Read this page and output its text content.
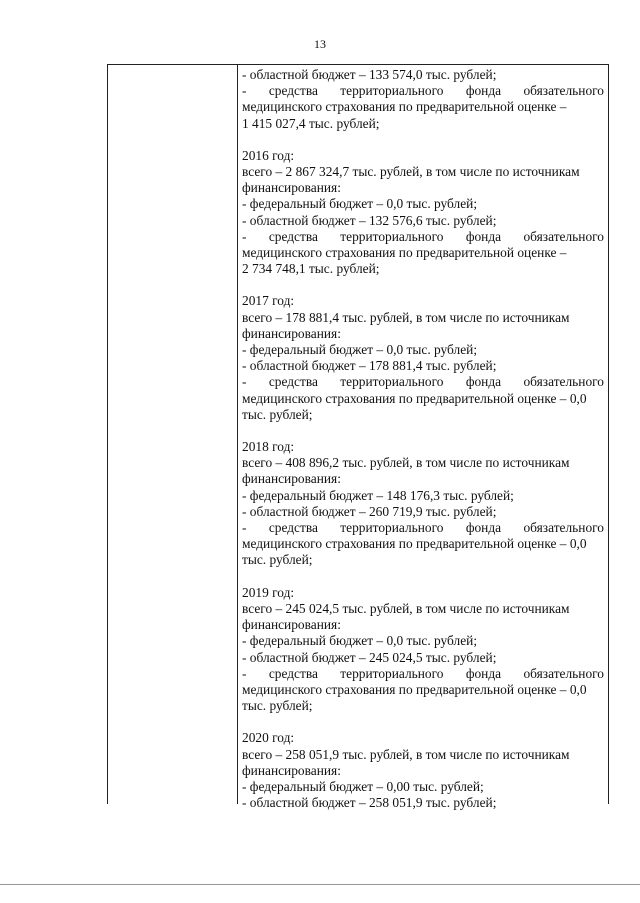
13
- областной бюджет – 133 574,0 тыс. рублей;
- средства территориального фонда обязательного
медицинского страхования по предварительной оценке –
1 415 027,4 тыс. рублей;
2016 год:
всего – 2 867 324,7 тыс. рублей, в том числе по источникам
финансирования:
- федеральный бюджет – 0,0 тыс. рублей;
- областной бюджет – 132 576,6 тыс. рублей;
- средства территориального фонда обязательного
медицинского страхования по предварительной оценке –
2 734 748,1 тыс. рублей;
2017 год:
всего – 178 881,4 тыс. рублей, в том числе по источникам
финансирования:
- федеральный бюджет – 0,0 тыс. рублей;
- областной бюджет – 178 881,4 тыс. рублей;
- средства территориального фонда обязательного
медицинского страхования по предварительной оценке – 0,0
тыс. рублей;
2018 год:
всего – 408 896,2 тыс. рублей, в том числе по источникам
финансирования:
- федеральный бюджет – 148 176,3 тыс. рублей;
- областной бюджет – 260 719,9 тыс. рублей;
- средства территориального фонда обязательного
медицинского страхования по предварительной оценке – 0,0
тыс. рублей;
2019 год:
всего – 245 024,5 тыс. рублей, в том числе по источникам
финансирования:
- федеральный бюджет – 0,0 тыс. рублей;
- областной бюджет – 245 024,5 тыс. рублей;
- средства территориального фонда обязательного
медицинского страхования по предварительной оценке – 0,0
тыс. рублей;
2020 год:
всего – 258 051,9 тыс. рублей, в том числе по источникам
финансирования:
- федеральный бюджет – 0,00 тыс. рублей;
- областной бюджет – 258 051,9 тыс. рублей;
